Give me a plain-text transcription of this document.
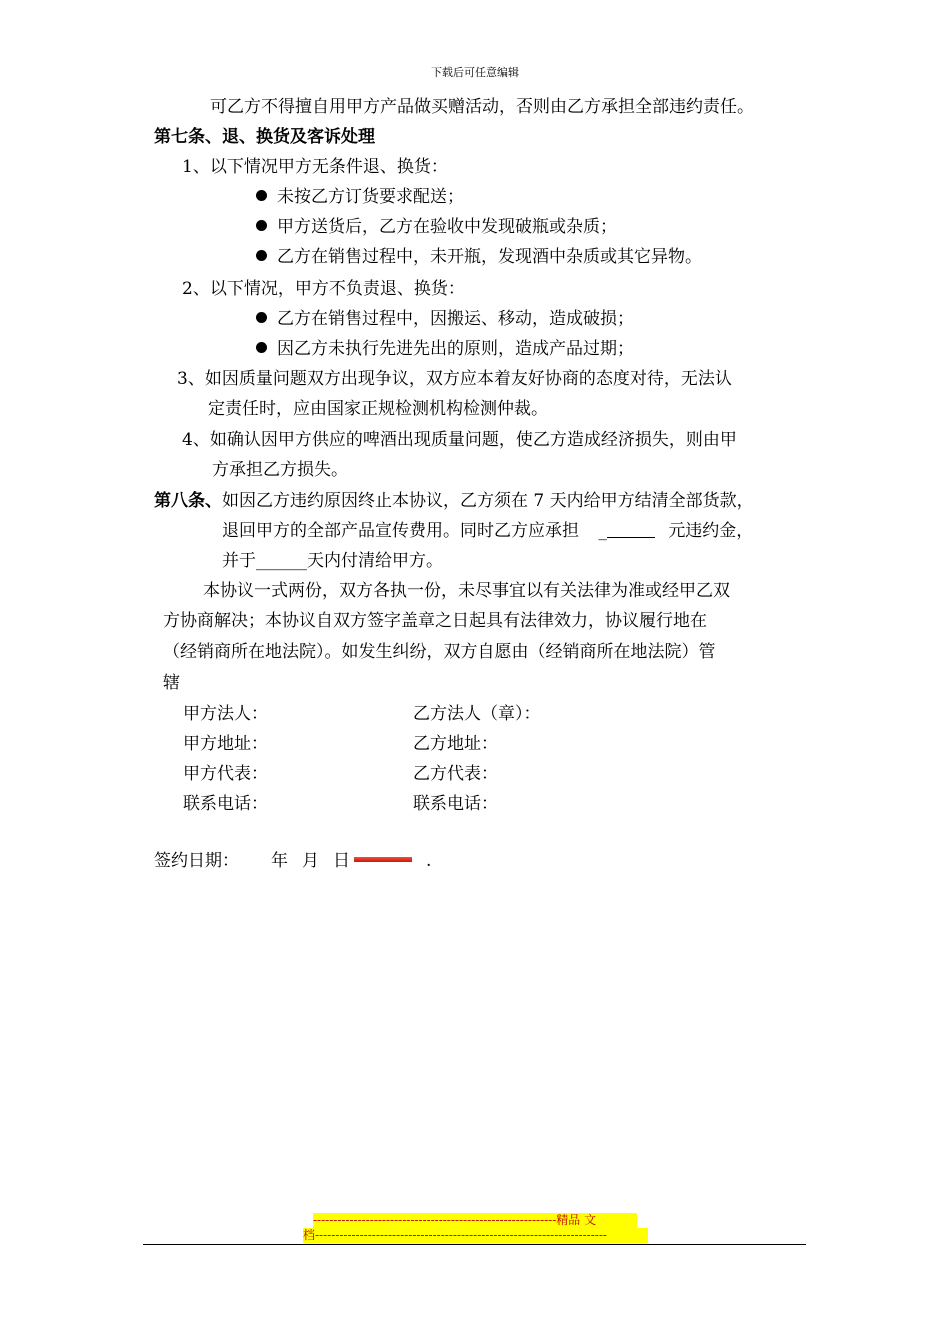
下载后可任意编辑
可乙方不得擅自用甲方产品做买赠活动，否则由乙方承担全部违约责任。
第七条、退、换货及客诉处理
1、以下情况甲方无条件退、换货：
未按乙方订货要求配送；
甲方送货后，乙方在验收中发现破瓶或杂质；
乙方在销售过程中，未开瓶，发现酒中杂质或其它异物。
2、以下情况，甲方不负责退、换货：
乙方在销售过程中，因搬运、移动，造成破损；
因乙方未执行先进先出的原则，造成产品过期；
3、如因质量问题双方出现争议，双方应本着友好协商的态度对待，无法认
定责任时，应由国家正规检测机构检测仲裁。
4、如确认因甲方供应的啤酒出现质量问题，使乙方造成经济损失，则由甲
方承担乙方损失。
第八条、如因乙方违约原因终止本协议，乙方须在 7 天内给甲方结清全部货款，
退回甲方的全部产品宣传费用。同时乙方应承担 _	元违约金，
并于______天内付清给甲方。
本协议一式两份，双方各执一份，未尽事宜以有关法律为准或经甲乙双
方协商解决；本协议自双方签字盖章之日起具有法律效力，协议履行地在
（经销商所在地法院）。如发生纠纷，双方自愿由（经销商所在地法院）管
辖
甲方法人：	乙方法人（章）：
甲方地址：	乙方地址：
甲方代表：	乙方代表：
联系电话：	联系电话：
签约日期： 年 月 日	.
------------------------------------------------------------精品 文
档------------------------------------------------------------------------
